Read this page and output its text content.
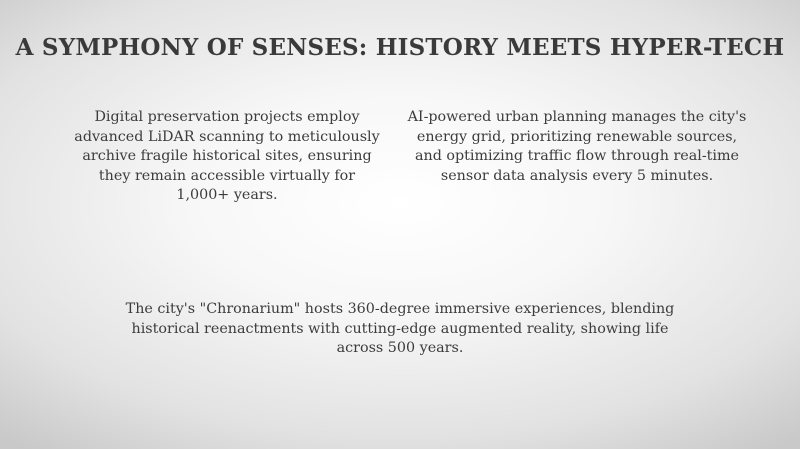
A SYMPHONY OF SENSES: HISTORY MEETS HYPER-TECH
Digital preservation projects employ advanced LiDAR scanning to meticulously archive fragile historical sites, ensuring they remain accessible virtually for 1,000+ years.
AI-powered urban planning manages the city's energy grid, prioritizing renewable sources, and optimizing traffic flow through real-time sensor data analysis every 5 minutes.
The city's "Chronarium" hosts 360-degree immersive experiences, blending historical reenactments with cutting-edge augmented reality, showing life across 500 years.
